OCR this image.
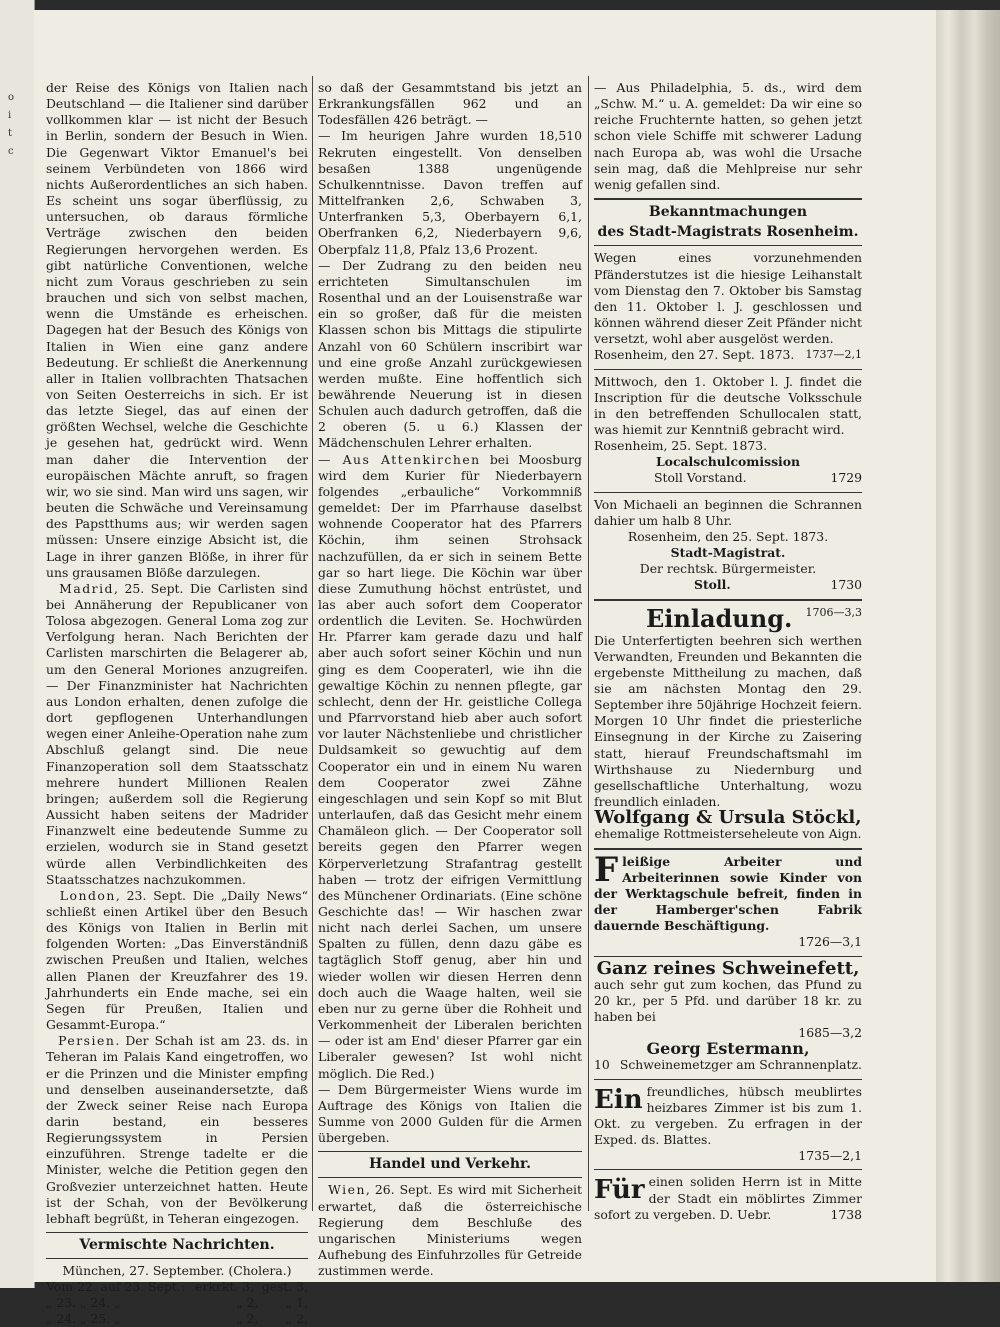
o
i
t
c

der Reise des Königs von Italien nach Deutschland — die Italiener sind darüber vollkommen klar — ist nicht der Besuch in Berlin, sondern der Besuch in Wien. Die Gegenwart Viktor Emanuel's bei seinem Verbündeten von 1866 wird nichts Außerordentliches an sich haben. Es scheint uns sogar überflüssig, zu untersuchen, ob daraus förmliche Verträge zwischen den beiden Regierungen hervorgehen werden. Es gibt natürliche Conventionen, welche nicht zum Voraus geschrieben zu sein brauchen und sich von selbst machen, wenn die Umstände es erheischen. Dagegen hat der Besuch des Königs von Italien in Wien eine ganz andere Bedeutung. Er schließt die Anerkennung aller in Italien vollbrachten Thatsachen von Seiten Oesterreichs in sich. Er ist das letzte Siegel, das auf einen der größten Wechsel, welche die Geschichte je gesehen hat, gedrückt wird. Wenn man daher die Intervention der europäischen Mächte anruft, so fragen wir, wo sie sind. Man wird uns sagen, wir beuten die Schwäche und Vereinsamung des Papstthums aus; wir werden sagen müssen: Unsere einzige Absicht ist, die Lage in ihrer ganzen Blöße, in ihrer für uns grausamen Blöße darzulegen.

Madrid, 25. Sept. Die Carlisten sind bei Annäherung der Republicaner von Tolosa abgezogen. General Loma zog zur Verfolgung heran. Nach Berichten der Carlisten marschirten die Belagerer ab, um den General Moriones anzugreifen. — Der Finanzminister hat Nachrichten aus London erhalten, denen zufolge die dort gepflogenen Unterhandlungen wegen einer Anleihe-Operation nahe zum Abschluß gelangt sind. Die neue Finanzoperation soll dem Staatsschatz mehrere hundert Millionen Realen bringen; außerdem soll die Regierung Aussicht haben seitens der Madrider Finanzwelt eine bedeutende Summe zu erzielen, wodurch sie in Stand gesetzt würde allen Verbindlichkeiten des Staatsschatzes nachzukommen.

London, 23. Sept. Die „Daily News“ schließt einen Artikel über den Besuch des Königs von Italien in Berlin mit folgenden Worten: „Das Einverständniß zwischen Preußen und Italien, welches allen Planen der Kreuzfahrer des 19. Jahrhunderts ein Ende mache, sei ein Segen für Preußen, Italien und Gesammt-Europa.“

Persien. Der Schah ist am 23. ds. in Teheran im Palais Kand eingetroffen, wo er die Prinzen und die Minister empfing und denselben auseinandersetzte, daß der Zweck seiner Reise nach Europa darin bestand, ein besseres Regierungssystem in Persien einzuführen. Strenge tadelte er die Minister, welche die Petition gegen den Großvezier unterzeichnet hatten. Heute ist der Schah, von der Bevölkerung lebhaft begrüßt, in Teheran eingezogen.

Vermischte Nachrichten.

München, 27. September. (Cholera.)

Vom 22. auf 23. Sept.:	erkrkt. 3,	gest. 3,
„ 23. „ 24. „	„ 2,	„ 1,
„ 24. „ 25. „	„ 2,	„ 2,

so daß der Gesammtstand bis jetzt an Erkrankungsfällen 962 und an Todesfällen 426 beträgt. —

— Im heurigen Jahre wurden 18,510 Rekruten eingestellt. Von denselben besaßen 1388 ungenügende Schulkenntnisse. Davon treffen auf Mittelfranken 2,6, Schwaben 3, Unterfranken 5,3, Oberbayern 6,1, Oberfranken 6,2, Niederbayern 9,6, Oberpfalz 11,8, Pfalz 13,6 Prozent.

— Der Zudrang zu den beiden neu errichteten Simultanschulen im Rosenthal und an der Louisenstraße war ein so großer, daß für die meisten Klassen schon bis Mittags die stipulirte Anzahl von 60 Schülern inscribirt war und eine große Anzahl zurückgewiesen werden mußte. Eine hoffentlich sich bewährende Neuerung ist in diesen Schulen auch dadurch getroffen, daß die 2 oberen (5. u 6.) Klassen der Mädchenschulen Lehrer erhalten.

— Aus Attenkirchen bei Moosburg wird dem Kurier für Niederbayern folgendes „erbauliche“ Vorkommniß gemeldet: Der im Pfarrhause daselbst wohnende Cooperator hat des Pfarrers Köchin, ihm seinen Strohsack nachzufüllen, da er sich in seinem Bette gar so hart liege. Die Köchin war über diese Zumuthung höchst entrüstet, und las aber auch sofort dem Cooperator ordentlich die Leviten. Se. Hochwürden Hr. Pfarrer kam gerade dazu und half aber auch sofort seiner Köchin und nun ging es dem Cooperaterl, wie ihn die gewaltige Köchin zu nennen pflegte, gar schlecht, denn der Hr. geistliche Collega und Pfarrvorstand hieb aber auch sofort vor lauter Nächstenliebe und christlicher Duldsamkeit so gewuchtig auf dem Cooperator ein und in einem Nu waren dem Cooperator zwei Zähne eingeschlagen und sein Kopf so mit Blut unterlaufen, daß das Gesicht mehr einem Chamäleon glich. — Der Cooperator soll bereits gegen den Pfarrer wegen Körperverletzung Strafantrag gestellt haben — trotz der eifrigen Vermittlung des Münchener Ordinariats. (Eine schöne Geschichte das! — Wir haschen zwar nicht nach derlei Sachen, um unsere Spalten zu füllen, denn dazu gäbe es tagtäglich Stoff genug, aber hin und wieder wollen wir diesen Herren denn doch auch die Waage halten, weil sie eben nur zu gerne über die Rohheit und Verkommenheit der Liberalen berichten — oder ist am End' dieser Pfarrer gar ein Liberaler gewesen? Ist wohl nicht möglich. Die Red.)

— Dem Bürgermeister Wiens wurde im Auftrage des Königs von Italien die Summe von 2000 Gulden für die Armen übergeben.

Handel und Verkehr.

Wien, 26. Sept. Es wird mit Sicherheit erwartet, daß die österreichische Regierung dem Beschluße des ungarischen Ministeriums wegen Aufhebung des Einfuhrzolles für Getreide zustimmen werde.

— Aus Philadelphia, 5. ds., wird dem „Schw. M.“ u. A. gemeldet: Da wir eine so reiche Fruchternte hatten, so gehen jetzt schon viele Schiffe mit schwerer Ladung nach Europa ab, was wohl die Ursache sein mag, daß die Mehlpreise nur sehr wenig gefallen sind.

Bekanntmachungen
des Stadt-Magistrats Rosenheim.

Wegen eines vorzunehmenden Pfänderstutzes ist die hiesige Leihanstalt vom Dienstag den 7. Oktober bis Samstag den 11. Oktober l. J. geschlossen und können während dieser Zeit Pfänder nicht versetzt, wohl aber ausgelöst werden.

Rosenheim, den 27. Sept. 1873. 1737—2,1

Mittwoch, den 1. Oktober l. J. findet die Inscription für die deutsche Volksschule in den betreffenden Schullocalen statt, was hiemit zur Kenntniß gebracht wird.

Rosenheim, 25. Sept. 1873.

Localschulcomission

Stoll Vorstand.	1729

Von Michaeli an beginnen die Schrannen dahier um halb 8 Uhr.

Rosenheim, den 25. Sept. 1873.

Stadt-Magistrat.

Der rechtsk. Bürgermeister.

Stoll.	1730
Einladung. 1706—3,3

Die Unterfertigten beehren sich werthen Verwandten, Freunden und Bekannten die ergebenste Mittheilung zu machen, daß sie am nächsten Montag den 29. September ihre 50jährige Hochzeit feiern. Morgen 10 Uhr findet die priesterliche Einsegnung in der Kirche zu Zaisering statt, hierauf Freundschaftsmahl im Wirthshause zu Niedernburg und gesellschaftliche Unterhaltung, wozu freundlich einladen.

Wolfgang & Ursula Stöckl,

ehemalige Rottmeisterseheleute von Aign.

F leißige Arbeiter und Arbeiterinnen sowie Kinder von der Werktagschule befreit, finden in der Hamberger'schen Fabrik dauernde Beschäftigung.
1726—3,1

Ganz reines Schweinefett,

auch sehr gut zum kochen, das Pfund zu 20 kr., per 5 Pfd. und darüber 18 kr. zu haben bei

1685—3,2

Georg Estermann,

10 Schweinemetzger am Schrannenplatz.
Ein freundliches, hübsch meublirtes heizbares Zimmer ist bis zum 1. Okt. zu vergeben. Zu erfragen in der Exped. ds. Blattes.
1735—2,1
Für einen soliden Herrn ist in Mitte der Stadt ein möblirtes Zimmer sofort zu vergeben. D. Uebr.	1738
